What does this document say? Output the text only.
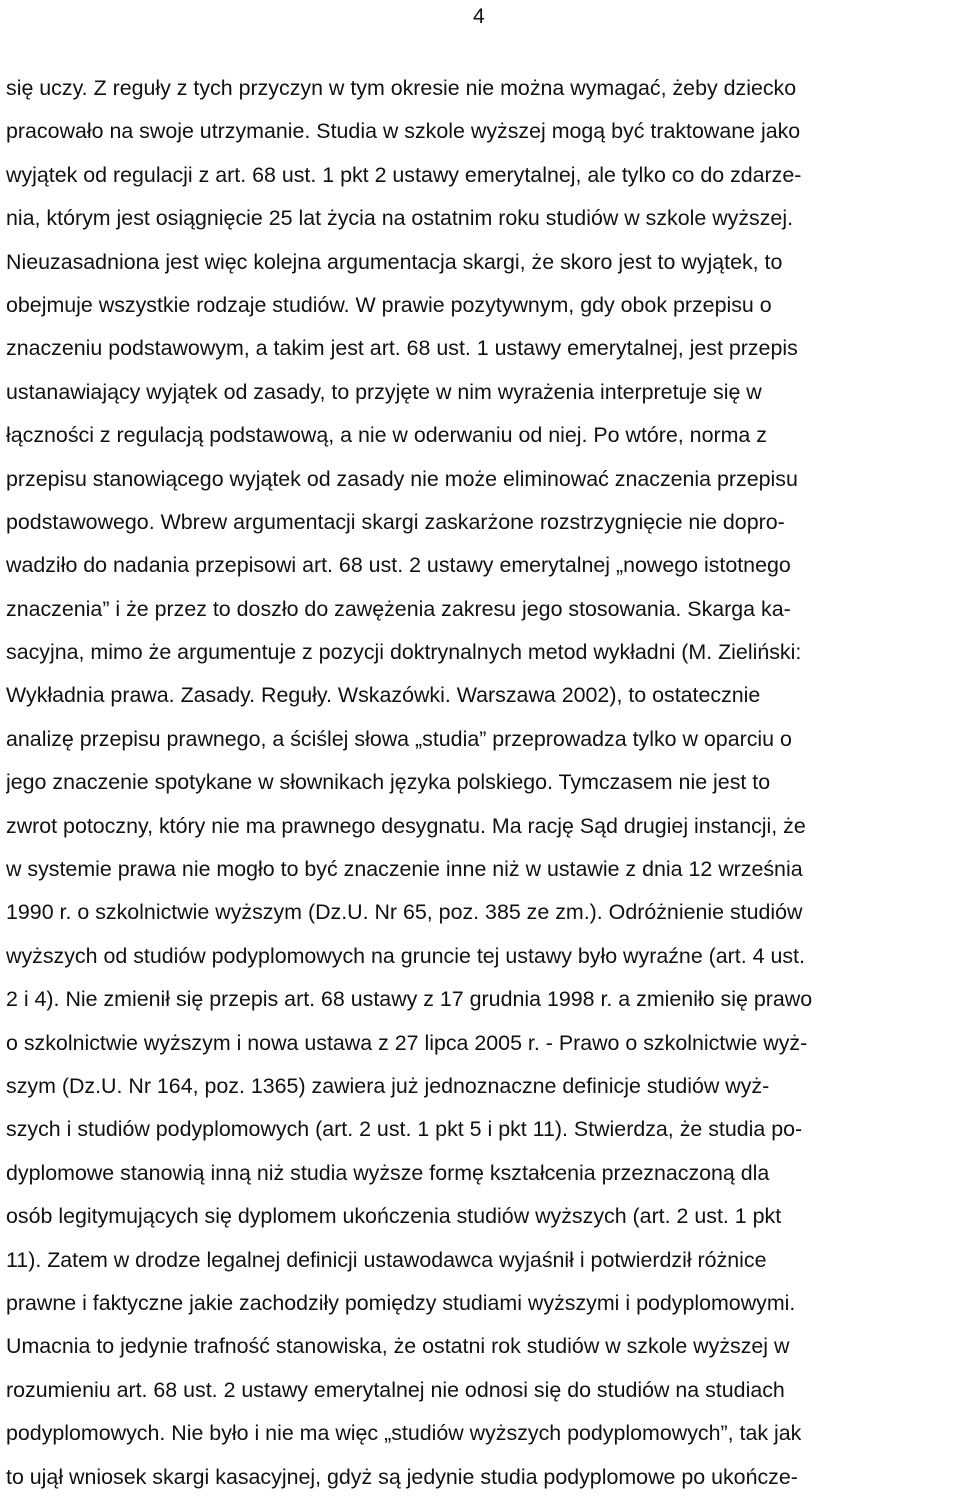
4
się uczy. Z reguły z tych przyczyn w tym okresie nie można wymagać, żeby dziecko
pracowało na swoje utrzymanie. Studia w szkole wyższej mogą być traktowane jako
wyjątek od regulacji z art. 68 ust. 1 pkt 2 ustawy emerytalnej, ale tylko co do zdarze-
nia, którym jest osiągnięcie 25 lat życia na ostatnim roku studiów w szkole wyższej.
Nieuzasadniona jest więc kolejna argumentacja skargi, że skoro jest to wyjątek, to
obejmuje wszystkie rodzaje studiów. W prawie pozytywnym, gdy obok przepisu o
znaczeniu podstawowym, a takim jest art. 68 ust. 1 ustawy emerytalnej, jest przepis
ustanawiający wyjątek od zasady, to przyjęte w nim wyrażenia interpretuje się w
łączności z regulacją podstawową, a nie w oderwaniu od niej. Po wtóre, norma z
przepisu stanowiącego wyjątek od zasady nie może eliminować znaczenia przepisu
podstawowego. Wbrew argumentacji skargi zaskarżone rozstrzygnięcie nie dopro-
wadziło do nadania przepisowi art. 68 ust. 2 ustawy emerytalnej „nowego istotnego
znaczenia” i że przez to doszło do zawężenia zakresu jego stosowania. Skarga ka-
sacyjna, mimo że argumentuje z pozycji doktrynalnych metod wykładni (M. Zieliński:
Wykładnia prawa. Zasady. Reguły. Wskazówki. Warszawa 2002), to ostatecznie
analizę przepisu prawnego, a ściślej słowa „studia” przeprowadza tylko w oparciu o
jego znaczenie spotykane w słownikach języka polskiego. Tymczasem nie jest to
zwrot potoczny, który nie ma prawnego desygnatu. Ma rację Sąd drugiej instancji, że
w systemie prawa nie mogło to być znaczenie inne niż w ustawie z dnia 12 września
1990 r. o szkolnictwie wyższym (Dz.U. Nr 65, poz. 385 ze zm.). Odróżnienie studiów
wyższych od studiów podyplomowych na gruncie tej ustawy było wyraźne (art. 4 ust.
2 i 4). Nie zmienił się przepis art. 68 ustawy z 17 grudnia 1998 r. a zmieniło się prawo
o szkolnictwie wyższym i nowa ustawa z 27 lipca 2005 r. - Prawo o szkolnictwie wyż-
szym (Dz.U. Nr 164, poz. 1365) zawiera już jednoznaczne definicje studiów wyż-
szych i studiów podyplomowych (art. 2 ust. 1 pkt 5 i pkt 11). Stwierdza, że studia po-
dyplomowe stanowią inną niż studia wyższe formę kształcenia przeznaczoną dla
osób legitymujących się dyplomem ukończenia studiów wyższych (art. 2 ust. 1 pkt
11). Zatem w drodze legalnej definicji ustawodawca wyjaśnił i potwierdził różnice
prawne i faktyczne jakie zachodziły pomiędzy studiami wyższymi i podyplomowymi.
Umacnia to jedynie trafność stanowiska, że ostatni rok studiów w szkole wyższej w
rozumieniu art. 68 ust. 2 ustawy emerytalnej nie odnosi się do studiów na studiach
podyplomowych. Nie było i nie ma więc „studiów wyższych podyplomowych”, tak jak
to ujął wniosek skargi kasacyjnej, gdyż są jedynie studia podyplomowe po ukończe-
